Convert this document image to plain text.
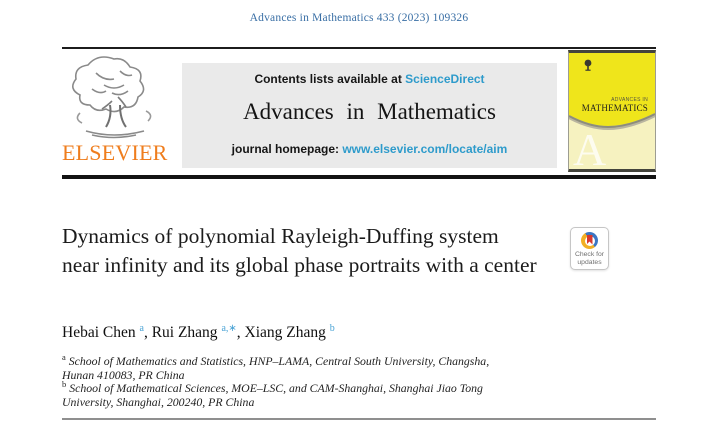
Advances in Mathematics 433 (2023) 109326
ELSEVIER
Contents lists available at ScienceDirect
Advances in Mathematics
journal homepage: www.elsevier.com/locate/aim
ADVANCES IN
MATHEMATICS
A
Dynamics of polynomial Rayleigh-Duffing system near infinity and its global phase portraits with a center	Check for
updates
Hebai Chen $^a$, Rui Zhang $^{a,∗}$, Xiang Zhang $^b$
$^a$ School of Mathematics and Statistics, HNP–LAMA, Central South University, Changsha, Hunan 410083, PR China
$^b$ School of Mathematical Sciences, MOE–LSC, and CAM-Shanghai, Shanghai Jiao Tong University, Shanghai, 200240, PR China
